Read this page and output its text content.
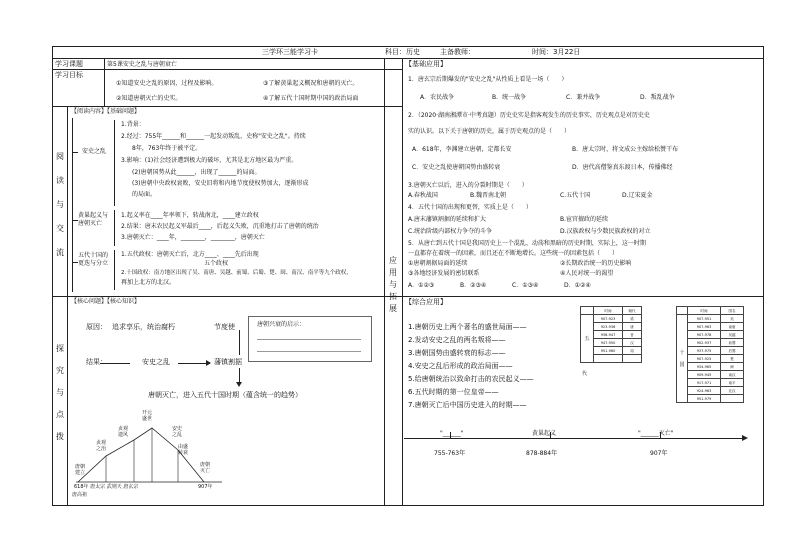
三学环三能学习卡	科目：历史	主备教师：	时间：3月22日
学习课题	第5课安史之乱与唐朝衰亡
学习目标
①知道安史之乱的原因、过程及影响。	③了解黄巢起义概况和唐朝的灭亡。
②知道唐朝灭亡的史实。	④了解五代十国时期中国的政治局面
阅
读
与
交
流
【阅读内容】【基础问题】
安史之乱
1.背景：
2.经过：755年______和______一起发动叛乱，史称"安史之乱"。持续
8年，763年终于被平定。
3.影响：(1)社会经济遭到极大的破坏，尤其是北方地区最为严重。
(2)唐朝国势从此______，出现了______的局面。
(3)唐朝中央政权衰败，安史旧将和内地节度使权势加大，逐渐形成
的局面。
黄巢起义与唐朝灭亡
1.起义率在____年率领下，转战南北，____建立政权
2.结果：唐末农民起义军最后____，后起义失败，沉重地打击了唐朝的统治
3.唐朝灭亡：____年，________，________，唐朝灭亡
五代十国的更迭与分立
1.五代政权：唐朝灭亡后，北方____、____先后出现
五个政权
2.十国政权：南方地区出现了吴、南唐、吴越、前蜀、后蜀、楚、闽、南汉、南平等九个政权，
再加上北方的北汉。
探
究
与
点
拨
【核心问题】【核心知识】
原因： 追求享乐，统治腐朽	节度使	唐朝兴衰的启示：
结果：	安史之乱	藩镇割据
唐朝灭亡，进入五代十国时期（蕴含统一的趋势）
开元
盛世
贞观
之治
贞观
遗风
安史
之乱
由盛
转衰
唐朝
建立
唐朝
灭亡
618年 唐太宗 武则天 唐玄宗	907年
唐高祖
应
用
与
拓
展
【基础应用】
1．唐玄宗后期爆发的"安史之乱"从性质上看是一场（　　）
A．农民战争	B．统一战争	C．兼并战争	D．叛乱战争
2．（2020·湖南湘潭市·中考真题）历史史实是指客观发生的历史事实，历史观点是对历史史
实的认识。以下关于唐朝的历史，属于历史观点的是（　　）
A．618年，李渊建立唐朝，定都长安	B．唐太宗时，将文成公主嫁给松赞干布
C．安史之乱使唐朝国势由盛转衰	D．唐代高僧鉴真东渡日本，传播佛经
3.唐朝灭亡以后，进入的分裂时期是（　　）
A.春秋战国	B.魏晋南北朝	C.五代十国	D.辽宋夏金
4．五代十国的出现和更替，实质上是（　　）
A.唐末藩镇割据的延续和扩大	B.宦官擅政的延续
C.统治阶级内部权力争夺的斗争	D.汉族政权与少数民族政权的对立
5．从唐亡到五代十国是我国历史上一个混乱、动荡和黑暗的历史时期，实际上，这一时期
一直都存在着统一的因素，而且还在不断地增长。这些统一的因素包括（　　）
①唐朝割据局面的延续	②长期政治统一的历史影响
③各地经济发展的密切联系	④人民对统一的渴望
A．①②③	B．②③④	C．①③④	D．①②④
【综合应用】
1.唐朝历史上两个著名的盛世局面——
2.发动安史之乱的两名叛将——
3.唐朝国势由盛转衰的标志——
4.安史之乱后形成的政治局面——
5.给唐朝统治以致命打击的农民起义——
6.五代时期的第一位皇帝——
7.唐朝灭亡后中国历史进入的时期——
	时间	朝代
五	907-923	梁
	923-936	唐
	936-947	晋
	947-950	汉
	951-960	周

代
	时间	国名
十

国	907-951	吴
	907-963	南唐
	907-978	吴越
	902-937	前蜀
	937-975	后蜀
	907-925	楚
	934-965	闽
	909-945	南汉
	917-971	南平
	924-963	北汉
	951-979	
"______"	黄巢起义	"______灭亡"
755-763年	878-884年	907年
